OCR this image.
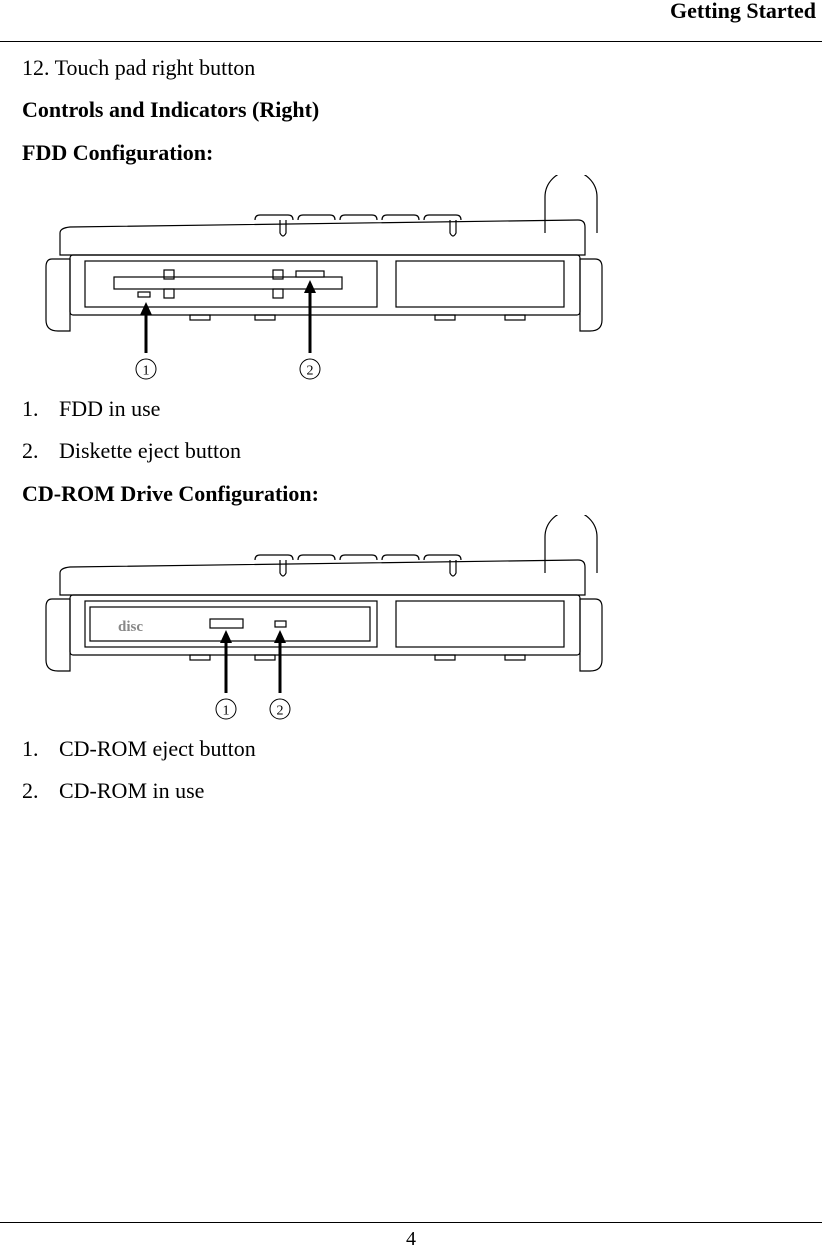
Getting Started
12. Touch pad right button
Controls and Indicators (Right)
FDD Configuration:
1	2
1. FDD in use
2. Diskette eject button
CD-ROM Drive Configuration:
disc
1	2
1. CD-ROM eject button
2. CD-ROM in use
4
